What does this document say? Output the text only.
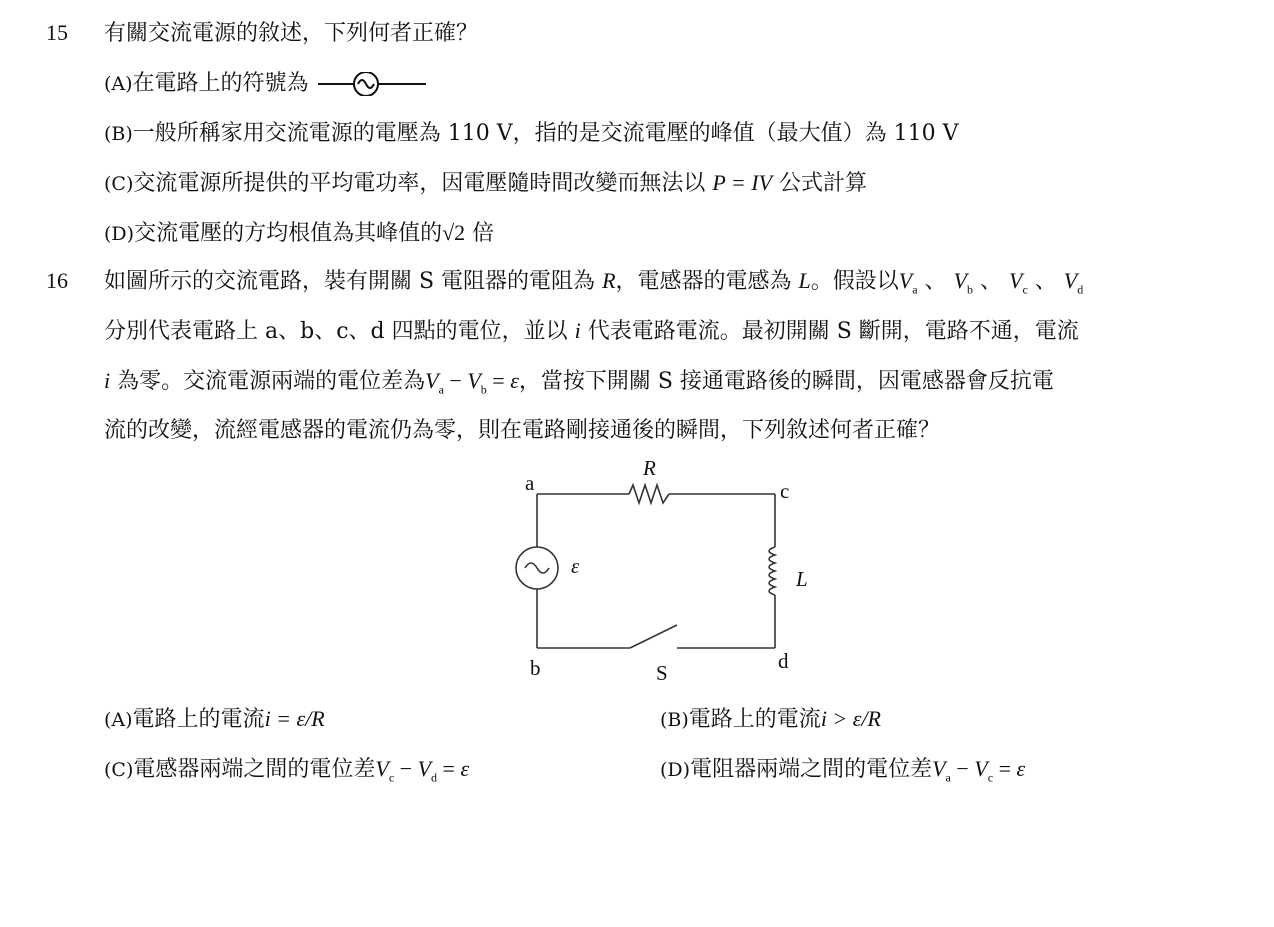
15 有關交流電源的敘述，下列何者正確？
(A)在電路上的符號為
(B)一般所稱家用交流電源的電壓為 110 V，指的是交流電壓的峰值（最大值）為 110 V
(C)交流電源所提供的平均電功率，因電壓隨時間改變而無法以 P = IV 公式計算
(D)交流電壓的方均根值為其峰值的√2 倍
16 如圖所示的交流電路，裝有開關 S 電阻器的電阻為 R，電感器的電感為 L。假設以$V_a$ 、 $V_b$ 、 $V_c$ 、 $V_d$
分別代表電路上 a、b、c、d 四點的電位，並以 i 代表電路電流。最初開關 S 斷開，電路不通，電流
i 為零。交流電源兩端的電位差為$V_a - V_b = \varepsilon$，當按下開關 S 接通電路後的瞬間，因電感器會反抗電
流的改變，流經電感器的電流仍為零，則在電路剛接通後的瞬間，下列敘述何者正確？
a	c
b	d
R
L
S
ε
(A)電路上的電流i = ε/R	(B)電路上的電流i > ε/R
(C)電感器兩端之間的電位差$V_c - V_d = \varepsilon$	(D)電阻器兩端之間的電位差$V_a - V_c = \varepsilon$
